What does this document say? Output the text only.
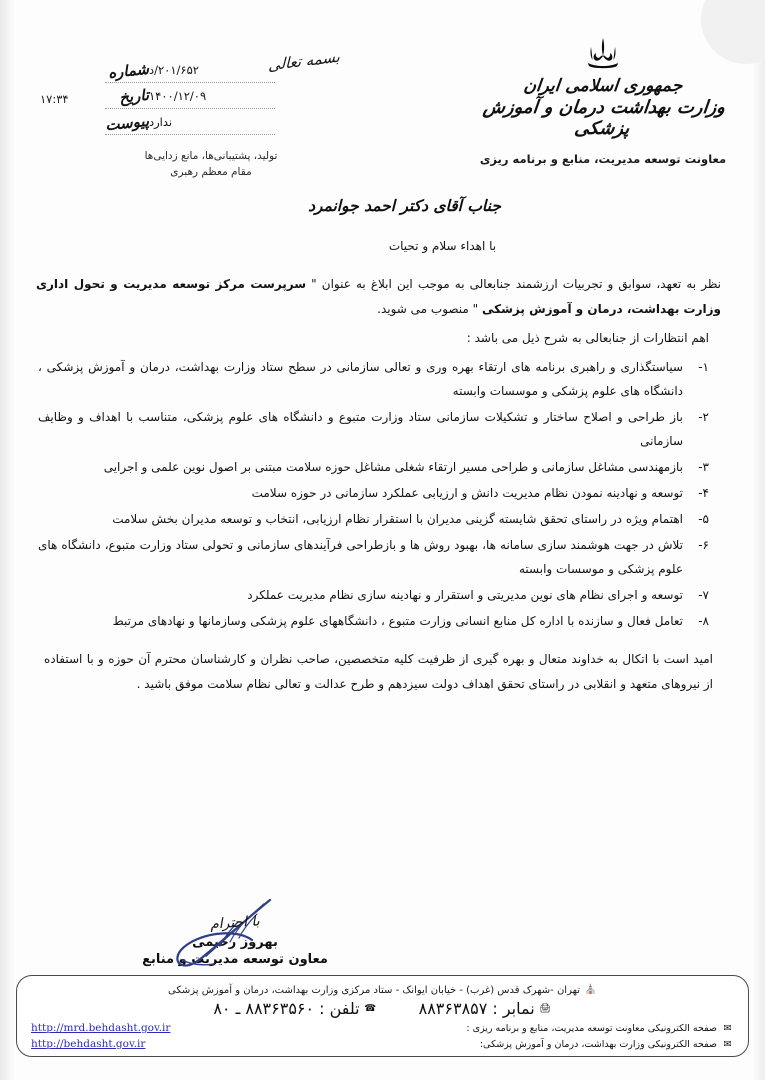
جمهوری اسلامی ایران
وزارت بهداشت درمان و آموزش پزشکی
معاونت توسعه مدیریت، منابع و برنامه ریزی
بسمه تعالی
شماره ۲۰۱/۶۵۲/د
تاریخ ۱۴۰۰/۱۲/۰۹
پیوست ندارد
۱۷:۳۴
تولید، پشتیبانی‌ها، مانع زدایی‌ها
مقام معظم رهبری
جناب آقای دکتر احمد جوانمرد
با اهداء سلام و تحیات

نظر به تعهد، سوابق و تجربیات ارزشمند جنابعالی به موجب این ابلاغ به عنوان " سرپرست مرکز توسعه مدیریت و تحول اداری وزارت بهداشت، درمان و آموزش پزشکی " منصوب می شوید.

اهم انتظارات از جنابعالی به شرح ذیل می باشد :
۱-
سیاستگذاری و راهبری برنامه های ارتقاء بهره وری و تعالی سازمانی در سطح ستاد وزارت بهداشت، درمان و آموزش پزشکی ، دانشگاه های علوم پزشکی و موسسات وابسته
۲-
باز طراحی و اصلاح ساختار و تشکیلات سازمانی ستاد وزارت متبوع و دانشگاه های علوم پزشکی، متناسب با اهداف و وظایف سازمانی
۳-
بازمهندسی مشاغل سازمانی و طراحی مسیر ارتقاء شغلی مشاغل حوزه سلامت مبتنی بر اصول نوین علمی و اجرایی
۴-
توسعه و نهادینه نمودن نظام مدیریت دانش و ارزیابی عملکرد سازمانی در حوزه سلامت
۵-
اهتمام ویژه در راستای تحقق شایسته گزینی مدیران با استقرار نظام ارزیابی، انتخاب و توسعه مدیران بخش سلامت
۶-
تلاش در جهت هوشمند سازی سامانه ها، بهبود روش ها و بازطراحی فرآیندهای سازمانی و تحولی ستاد وزارت متبوع، دانشگاه های علوم پزشکی و موسسات وابسته
۷-
توسعه و اجرای نظام های نوین مدیریتی و استقرار و نهادینه سازی نظام مدیریت عملکرد
۸-
تعامل فعال و سازنده با اداره کل منابع انسانی وزارت متبوع ، دانشگاههای علوم پزشکی وسازمانها و نهادهای مرتبط

امید است با اتکال به خداوند متعال و بهره گیری از ظرفیت کلیه متخصصین، صاحب نظران و کارشناسان محترم آن حوزه و با استفاده از نیروهای متعهد و انقلابی در راستای تحقق اهداف دولت سیزدهم و طرح عدالت و تعالی نظام سلامت موفق باشید .

با احترام
بهروز رحیمی
معاون توسعه مدیریت و منابع
⛪
تهران -شهرک قدس (غرب) - خیابان ایوانک - ستاد مرکزی وزارت بهداشت، درمان و آموزش پزشکی
🖨
نمابر :
۸۸۳۶۳۸۵۷
☎
تلفن :
۸۸۳۶۳۵۶۰ ـ ۸۰
✉
صفحه الکترونیکی معاونت توسعه مدیریت، منابع و برنامه ریزی :
http://mrd.behdasht.gov.ir
✉
صفحه الکترونیکی وزارت بهداشت، درمان و آموزش پزشکی:
http://behdasht.gov.ir
